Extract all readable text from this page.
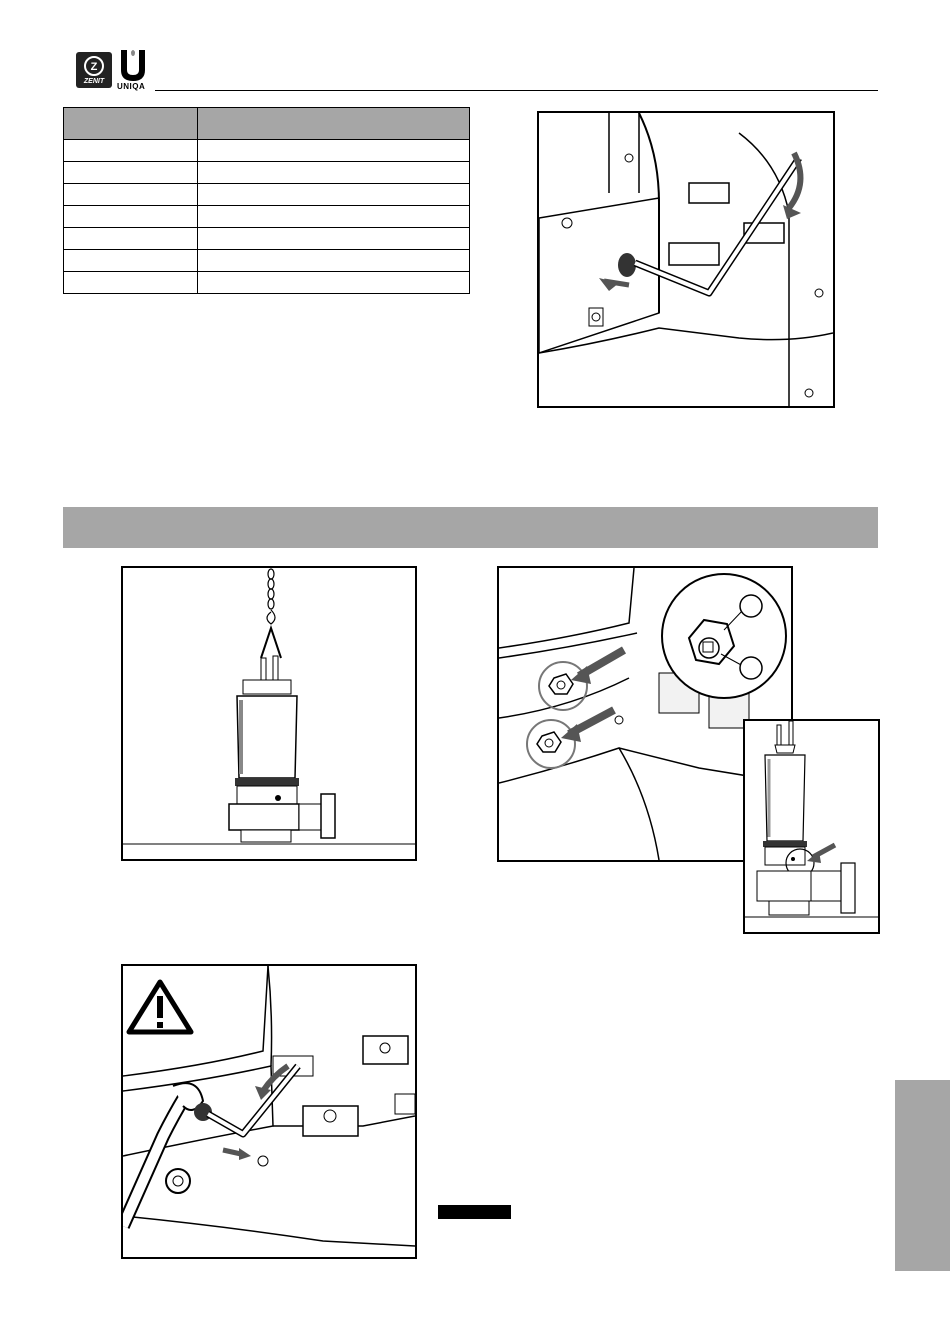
Z
ZENIT
UNIQA
